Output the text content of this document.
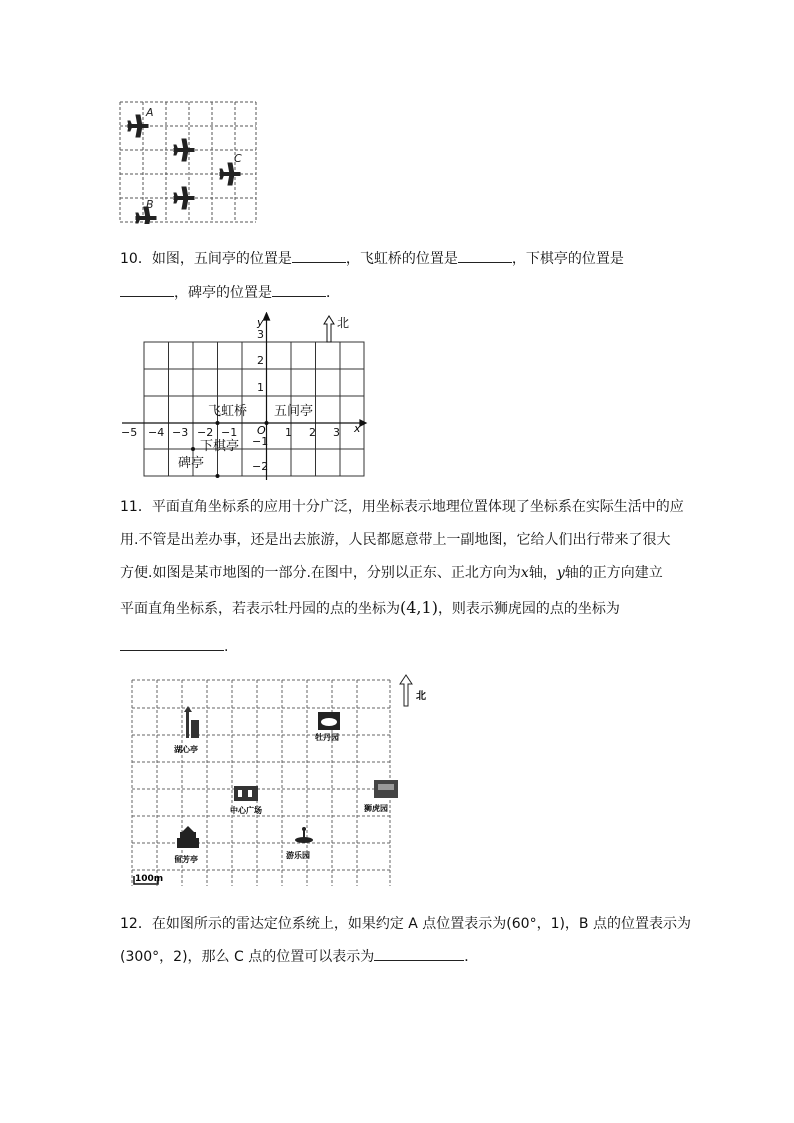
A
C
B
10．如图，五间亭的位置是	，飞虹桥的位置是	，下棋亭的位置是
，碑亭的位置是	．
y
x
O
北
−5 −4 −3 −2 −1	1 2 3
3
2
1
−1
−2
飞虹桥 五间亭
下棋亭
碑亭
11．平面直角坐标系的应用十分广泛，用坐标表示地理位置体现了坐标系在实际生活中的应
用.不管是出差办事，还是出去旅游，人民都愿意带上一副地图，它给人们出行带来了很大
方便.如图是某市地图的一部分.在图中，分别以正东、正北方向为x轴，y轴的正方向建立
平面直角坐标系，若表示牡丹园的点的坐标为(4,1)，则表示狮虎园的点的坐标为
.
北
100m
湖心亭
牡丹园
中心广场	狮虎园
游乐园
留芳亭
12．在如图所示的雷达定位系统上，如果约定 A 点位置表示为(60°，1)，B 点的位置表示为
(300°，2)，那么 C 点的位置可以表示为	．
